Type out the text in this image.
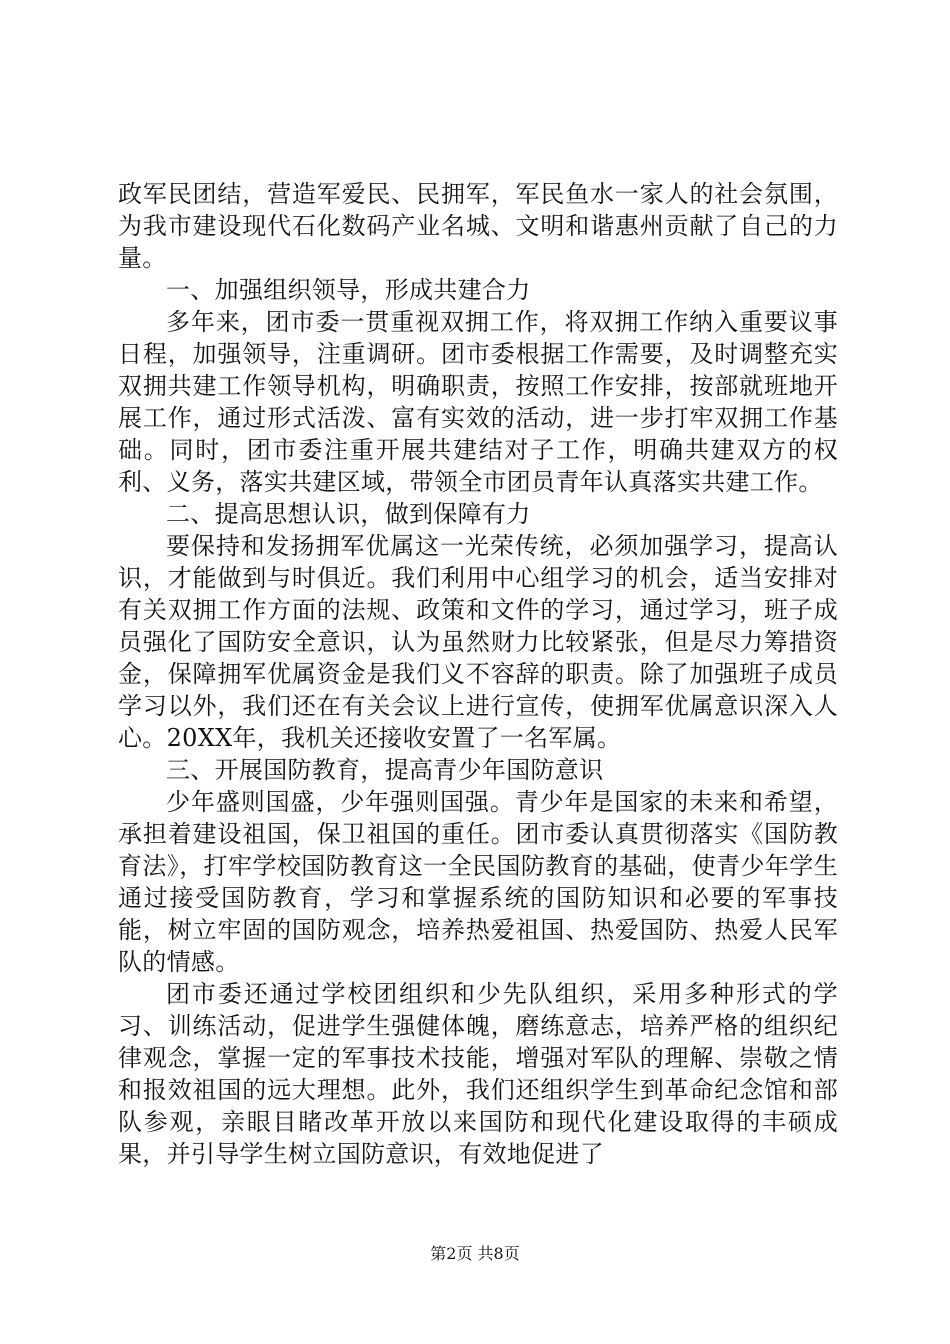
政军民团结，营造军爱民、民拥军，军民鱼水一家人的社会氛围，为我市建设现代石化数码产业名城、文明和谐惠州贡献了自己的力量。

一、加强组织领导，形成共建合力

多年来，团市委一贯重视双拥工作，将双拥工作纳入重要议事日程，加强领导，注重调研。团市委根据工作需要，及时调整充实双拥共建工作领导机构，明确职责，按照工作安排，按部就班地开展工作，通过形式活泼、富有实效的活动，进一步打牢双拥工作基础。同时，团市委注重开展共建结对子工作，明确共建双方的权利、义务，落实共建区域，带领全市团员青年认真落实共建工作。

二、提高思想认识，做到保障有力

要保持和发扬拥军优属这一光荣传统，必须加强学习，提高认识，才能做到与时俱近。我们利用中心组学习的机会，适当安排对有关双拥工作方面的法规、政策和文件的学习，通过学习，班子成员强化了国防安全意识，认为虽然财力比较紧张，但是尽力筹措资金，保障拥军优属资金是我们义不容辞的职责。除了加强班子成员学习以外，我们还在有关会议上进行宣传，使拥军优属意识深入人心。20XX年，我机关还接收安置了一名军属。

三、开展国防教育，提高青少年国防意识

少年盛则国盛，少年强则国强。青少年是国家的未来和希望，承担着建设祖国，保卫祖国的重任。团市委认真贯彻落实《国防教育法》，打牢学校国防教育这一全民国防教育的基础，使青少年学生通过接受国防教育，学习和掌握系统的国防知识和必要的军事技能，树立牢固的国防观念，培养热爱祖国、热爱国防、热爱人民军队的情感。

团市委还通过学校团组织和少先队组织，采用多种形式的学习、训练活动，促进学生强健体魄，磨练意志，培养严格的组织纪律观念，掌握一定的军事技术技能，增强对军队的理解、崇敬之情和报效祖国的远大理想。此外，我们还组织学生到革命纪念馆和部队参观，亲眼目睹改革开放以来国防和现代化建设取得的丰硕成果，并引导学生树立国防意识，有效地促进了

第2页 共8页
